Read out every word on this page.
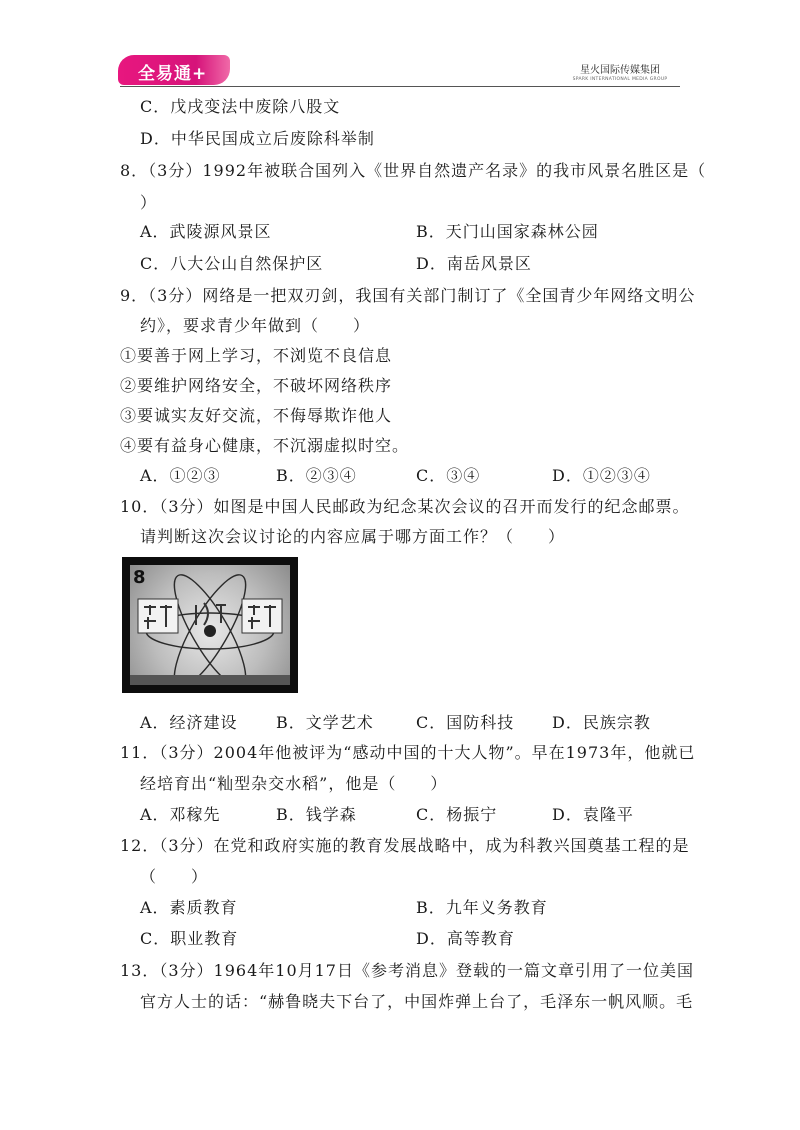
全易通+	星火国际传媒集团
SPARK INTERNATIONAL MEDIA GROUP
C．戊戌变法中废除八股文
D．中华民国成立后废除科举制
8．（3分）1992年被联合国列入《世界自然遗产名录》的我市风景名胜区是（
）
A．武陵源风景区	B．天门山国家森林公园
C．八大公山自然保护区	D．南岳风景区
9．（3分）网络是一把双刃剑，我国有关部门制订了《全国青少年网络文明公
约》，要求青少年做到（　　）
①要善于网上学习，不浏览不良信息
②要维护网络安全，不破坏网络秩序
③要诚实友好交流，不侮辱欺诈他人
④要有益身心健康，不沉溺虚拟时空。
A．①②③	B．②③④	C．③④	D．①②③④
10．（3分）如图是中国人民邮政为纪念某次会议的召开而发行的纪念邮票。
请判断这次会议讨论的内容应属于哪方面工作？（　　）
8
A．经济建设 B．文学艺术	C．国防科技 D．民族宗教
11．（3分）2004年他被评为“感动中国的十大人物”。早在1973年，他就已
经培育出“籼型杂交水稻”，他是（　　）
A．邓稼先	B．钱学森	C．杨振宁	D．袁隆平
12．（3分）在党和政府实施的教育发展战略中，成为科教兴国奠基工程的是
（　　）
A．素质教育	B．九年义务教育
C．职业教育	D．高等教育
13．（3分）1964年10月17日《参考消息》登载的一篇文章引用了一位美国
官方人士的话：“赫鲁晓夫下台了，中国炸弹上台了，毛泽东一帆风顺。毛
